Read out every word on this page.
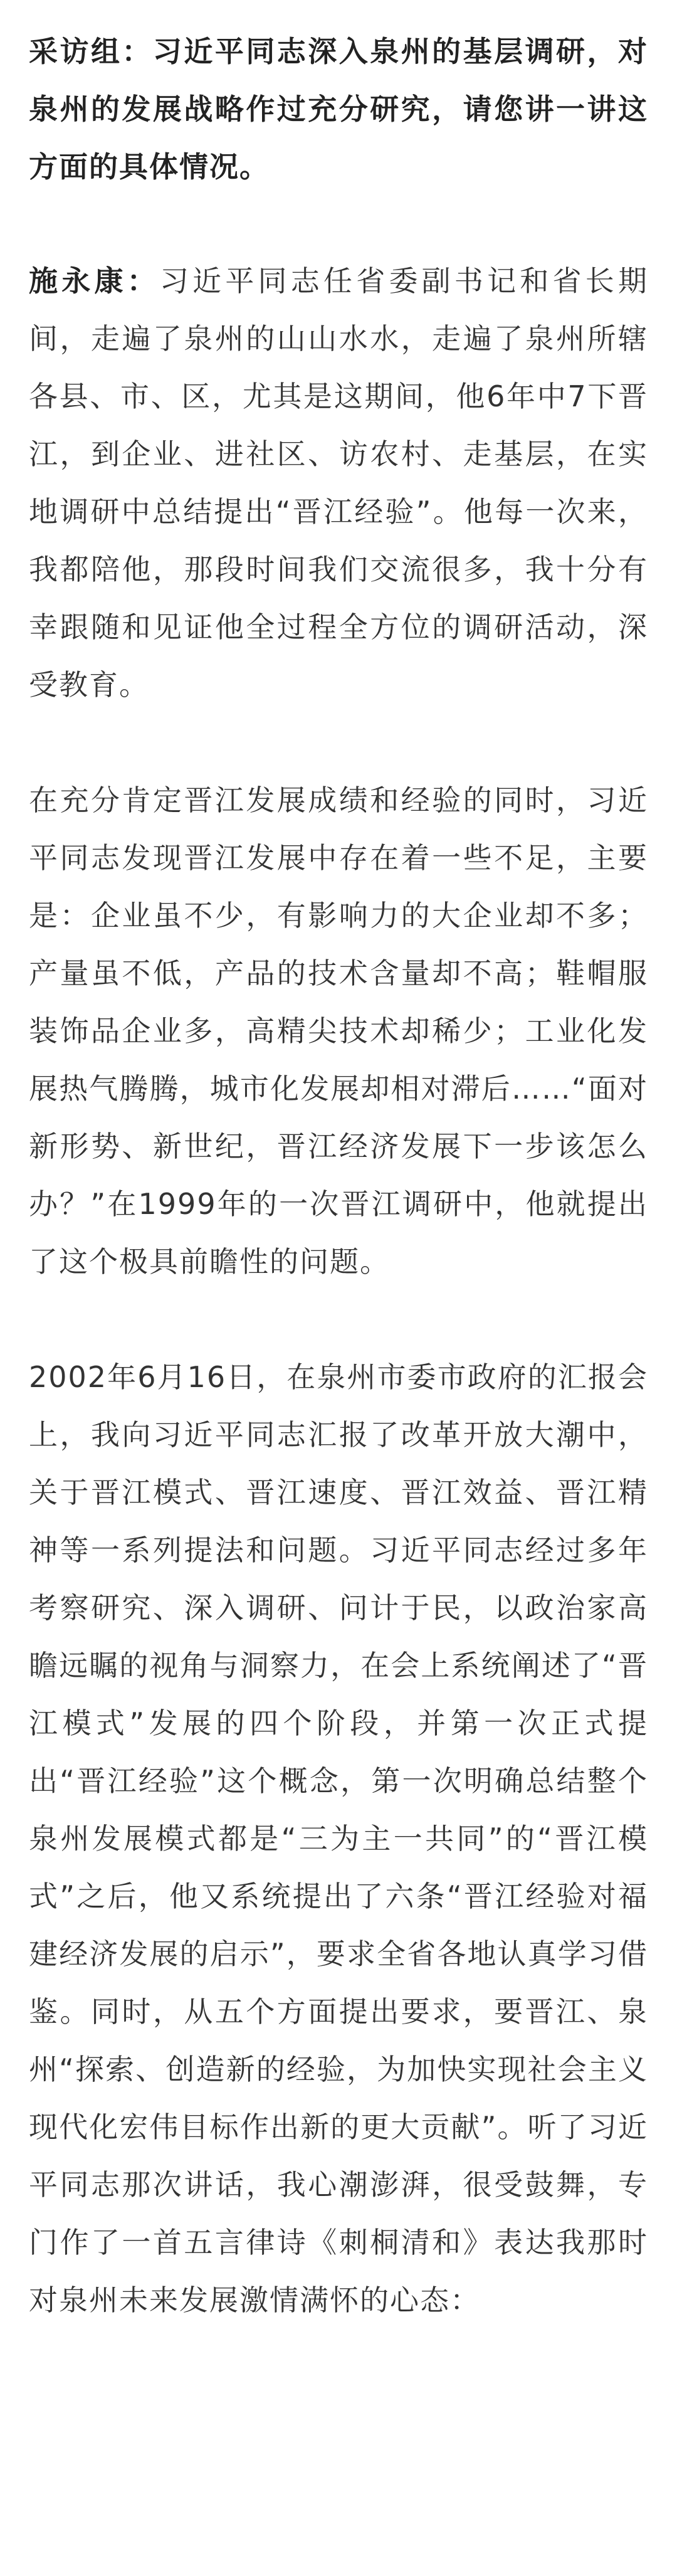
采访组：习近平同志深入泉州的基层调研，对泉州的发展战略作过充分研究，请您讲一讲这方面的具体情况。

施永康：习近平同志任省委副书记和省长期间，走遍了泉州的山山水水，走遍了泉州所辖各县、市、区，尤其是这期间，他6年中7下晋江，到企业、进社区、访农村、走基层，在实地调研中总结提出“晋江经验”。他每一次来，我都陪他，那段时间我们交流很多，我十分有幸跟随和见证他全过程全方位的调研活动，深受教育。

在充分肯定晋江发展成绩和经验的同时，习近平同志发现晋江发展中存在着一些不足，主要是：企业虽不少，有影响力的大企业却不多；产量虽不低，产品的技术含量却不高；鞋帽服装饰品企业多，高精尖技术却稀少；工业化发展热气腾腾，城市化发展却相对滞后……“面对新形势、新世纪，晋江经济发展下一步该怎么办？”在1999年的一次晋江调研中，他就提出了这个极具前瞻性的问题。

2002年6月16日，在泉州市委市政府的汇报会上，我向习近平同志汇报了改革开放大潮中，关于晋江模式、晋江速度、晋江效益、晋江精神等一系列提法和问题。习近平同志经过多年考察研究、深入调研、问计于民，以政治家高瞻远瞩的视角与洞察力，在会上系统阐述了“晋江模式”发展的四个阶段，并第一次正式提出“晋江经验”这个概念，第一次明确总结整个泉州发展模式都是“三为主一共同”的“晋江模式”之后，他又系统提出了六条“晋江经验对福建经济发展的启示”，要求全省各地认真学习借鉴。同时，从五个方面提出要求，要晋江、泉州“探索、创造新的经验，为加快实现社会主义现代化宏伟目标作出新的更大贡献”。听了习近平同志那次讲话，我心潮澎湃，很受鼓舞，专门作了一首五言律诗《刺桐清和》表达我那时对泉州未来发展激情满怀的心态：
